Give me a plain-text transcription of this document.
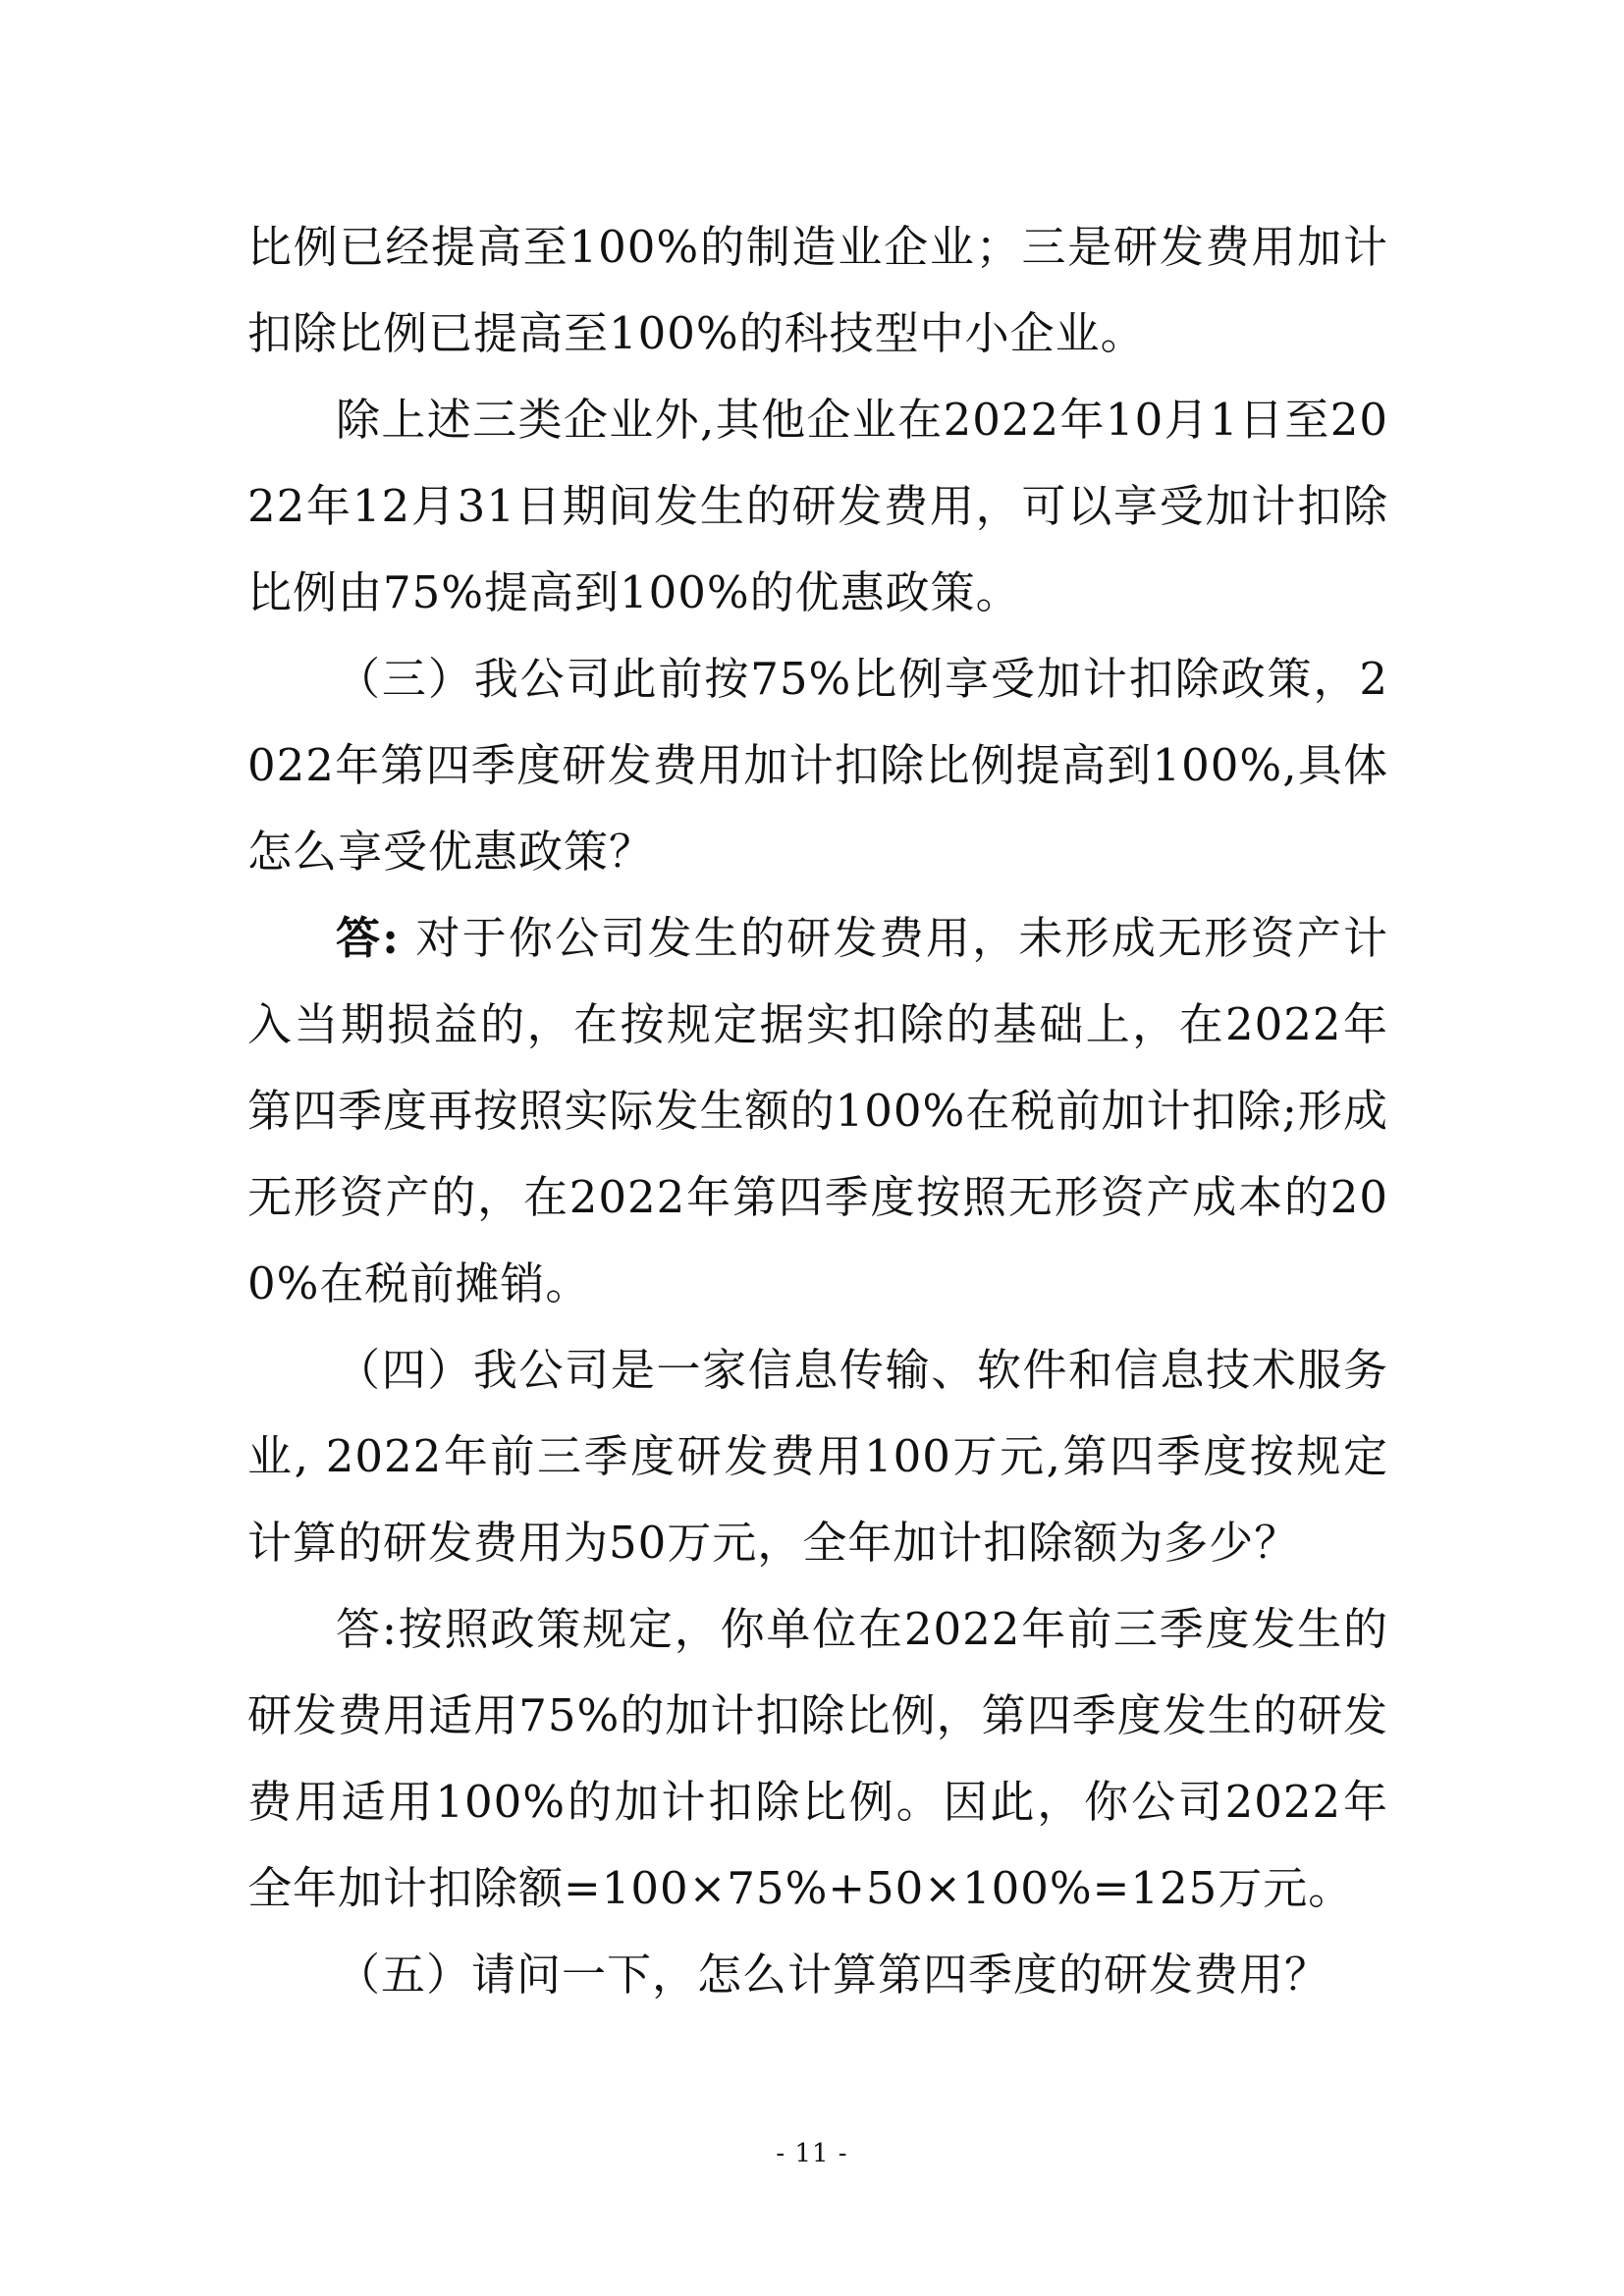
比例已经提高至100%的制造业企业；三是研发费用加计扣除比例已提高至100%的科技型中小企业。

除上述三类企业外,其他企业在2022年10月1日至2022年12月31日期间发生的研发费用，可以享受加计扣除比例由75%提高到100%的优惠政策。

（三）我公司此前按75%比例享受加计扣除政策，2022年第四季度研发费用加计扣除比例提高到100%,具体怎么享受优惠政策？

答: 对于你公司发生的研发费用，未形成无形资产计入当期损益的，在按规定据实扣除的基础上，在2022年第四季度再按照实际发生额的100%在税前加计扣除;形成无形资产的，在2022年第四季度按照无形资产成本的200%在税前摊销。

（四）我公司是一家信息传输、软件和信息技术服务业, 2022年前三季度研发费用100万元,第四季度按规定计算的研发费用为50万元，全年加计扣除额为多少？

答:按照政策规定，你单位在2022年前三季度发生的研发费用适用75%的加计扣除比例，第四季度发生的研发费用适用100%的加计扣除比例。因此，你公司2022年全年加计扣除额=100×75%+50×100%=125万元。

（五）请问一下，怎么计算第四季度的研发费用？

- 11 -
